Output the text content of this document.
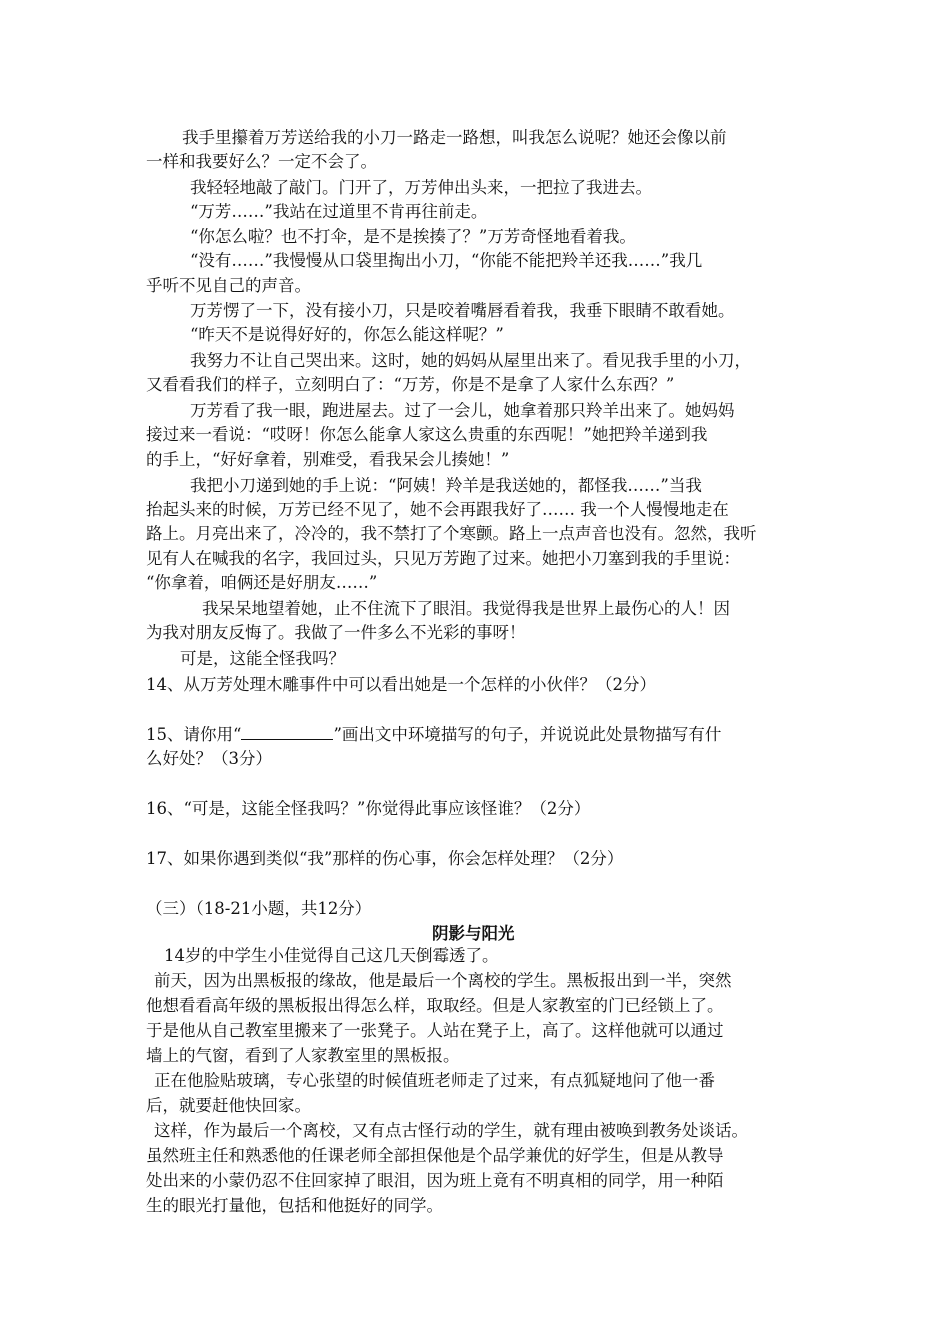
我手里攥着万芳送给我的小刀一路走一路想，叫我怎么说呢？她还会像以前
一样和我要好么？一定不会了。
我轻轻地敲了敲门。门开了，万芳伸出头来，一把拉了我进去。
“万芳……”我站在过道里不肯再往前走。
“你怎么啦？也不打伞，是不是挨揍了？”万芳奇怪地看着我。
“没有……”我慢慢从口袋里掏出小刀，“你能不能把羚羊还我……”我几
乎听不见自己的声音。
万芳愣了一下，没有接小刀，只是咬着嘴唇看着我，我垂下眼睛不敢看她。
“昨天不是说得好好的，你怎么能这样呢？”
我努力不让自己哭出来。这时，她的妈妈从屋里出来了。看见我手里的小刀，
又看看我们的样子，立刻明白了：“万芳，你是不是拿了人家什么东西？”
万芳看了我一眼，跑进屋去。过了一会儿，她拿着那只羚羊出来了。她妈妈
接过来一看说：“哎呀！你怎么能拿人家这么贵重的东西呢！”她把羚羊递到我
的手上，“好好拿着，别难受，看我呆会儿揍她！”
我把小刀递到她的手上说：“阿姨！羚羊是我送她的，都怪我……”当我
抬起头来的时候，万芳已经不见了，她不会再跟我好了…… 我一个人慢慢地走在
路上。月亮出来了，冷冷的，我不禁打了个寒颤。路上一点声音也没有。忽然，我听
见有人在喊我的名字，我回过头，只见万芳跑了过来。她把小刀塞到我的手里说：
“你拿着，咱俩还是好朋友……”
我呆呆地望着她，止不住流下了眼泪。我觉得我是世界上最伤心的人！因
为我对朋友反悔了。我做了一件多么不光彩的事呀！
可是，这能全怪我吗？
14、从万芳处理木雕事件中可以看出她是一个怎样的小伙伴？（2分）
15、请你用“	”画出文中环境描写的句子，并说说此处景物描写有什
么好处？（3分）
16、“可是，这能全怪我吗？”你觉得此事应该怪谁？（2分）
17、如果你遇到类似“我”那样的伤心事，你会怎样处理？（2分）
（三）（18-21小题，共12分）
阴影与阳光
14岁的中学生小佳觉得自己这几天倒霉透了。
前天，因为出黑板报的缘故，他是最后一个离校的学生。黑板报出到一半，突然
他想看看高年级的黑板报出得怎么样，取取经。但是人家教室的门已经锁上了。
于是他从自己教室里搬来了一张凳子。人站在凳子上，高了。这样他就可以通过
墙上的气窗，看到了人家教室里的黑板报。
正在他脸贴玻璃，专心张望的时候值班老师走了过来，有点狐疑地问了他一番
后，就要赶他快回家。
这样，作为最后一个离校，又有点古怪行动的学生，就有理由被唤到教务处谈话。
虽然班主任和熟悉他的任课老师全部担保他是个品学兼优的好学生，但是从教导
处出来的小蒙仍忍不住回家掉了眼泪，因为班上竟有不明真相的同学，用一种陌
生的眼光打量他，包括和他挺好的同学。
